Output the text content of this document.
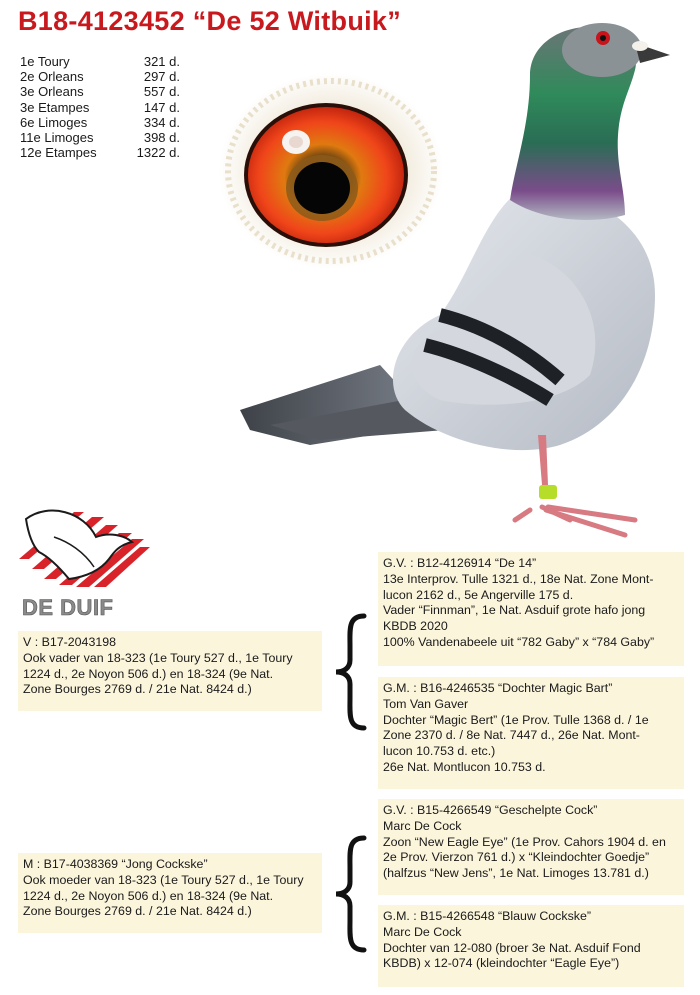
B18-4123452 “De 52 Witbuik”
1e Toury	321 d.
2e Orleans	297 d.
3e Orleans	557 d.
3e Etampes	147 d.
6e Limoges	334 d.
11e Limoges	398 d.
12e Etampes	1322 d.
DE DUIF
V : B17-2043198
Ook vader van 18-323 (1e Toury 527 d., 1e Toury
1224 d., 2e Noyon 506 d.) en 18-324 (9e Nat.
Zone Bourges 2769 d. / 21e Nat. 8424 d.)
G.V. : B12-4126914 “De 14”
13e Interprov. Tulle 1321 d., 18e Nat. Zone Mont-
lucon 2162 d., 5e Angerville 175 d.
Vader “Finnman”, 1e Nat. Asduif grote hafo jong
KBDB 2020
100% Vandenabeele uit “782 Gaby” x “784 Gaby”
G.M. : B16-4246535 “Dochter Magic Bart”
Tom Van Gaver
Dochter “Magic Bert” (1e Prov. Tulle 1368 d. / 1e
Zone 2370 d. / 8e Nat. 7447 d., 26e Nat. Mont-
lucon 10.753 d. etc.)
26e Nat. Montlucon 10.753 d.
M : B17-4038369 “Jong Cockske”
Ook moeder van 18-323 (1e Toury 527 d., 1e Toury
1224 d., 2e Noyon 506 d.) en 18-324 (9e Nat.
Zone Bourges 2769 d. / 21e Nat. 8424 d.)
G.V. : B15-4266549 “Geschelpte Cock”
Marc De Cock
Zoon “New Eagle Eye” (1e Prov. Cahors 1904 d. en
2e Prov. Vierzon 761 d.) x “Kleindochter Goedje”
(halfzus “New Jens”, 1e Nat. Limoges 13.781 d.)
G.M. : B15-4266548 “Blauw Cockske”
Marc De Cock
Dochter van 12-080 (broer 3e Nat. Asduif Fond
KBDB) x 12-074 (kleindochter “Eagle Eye”)
